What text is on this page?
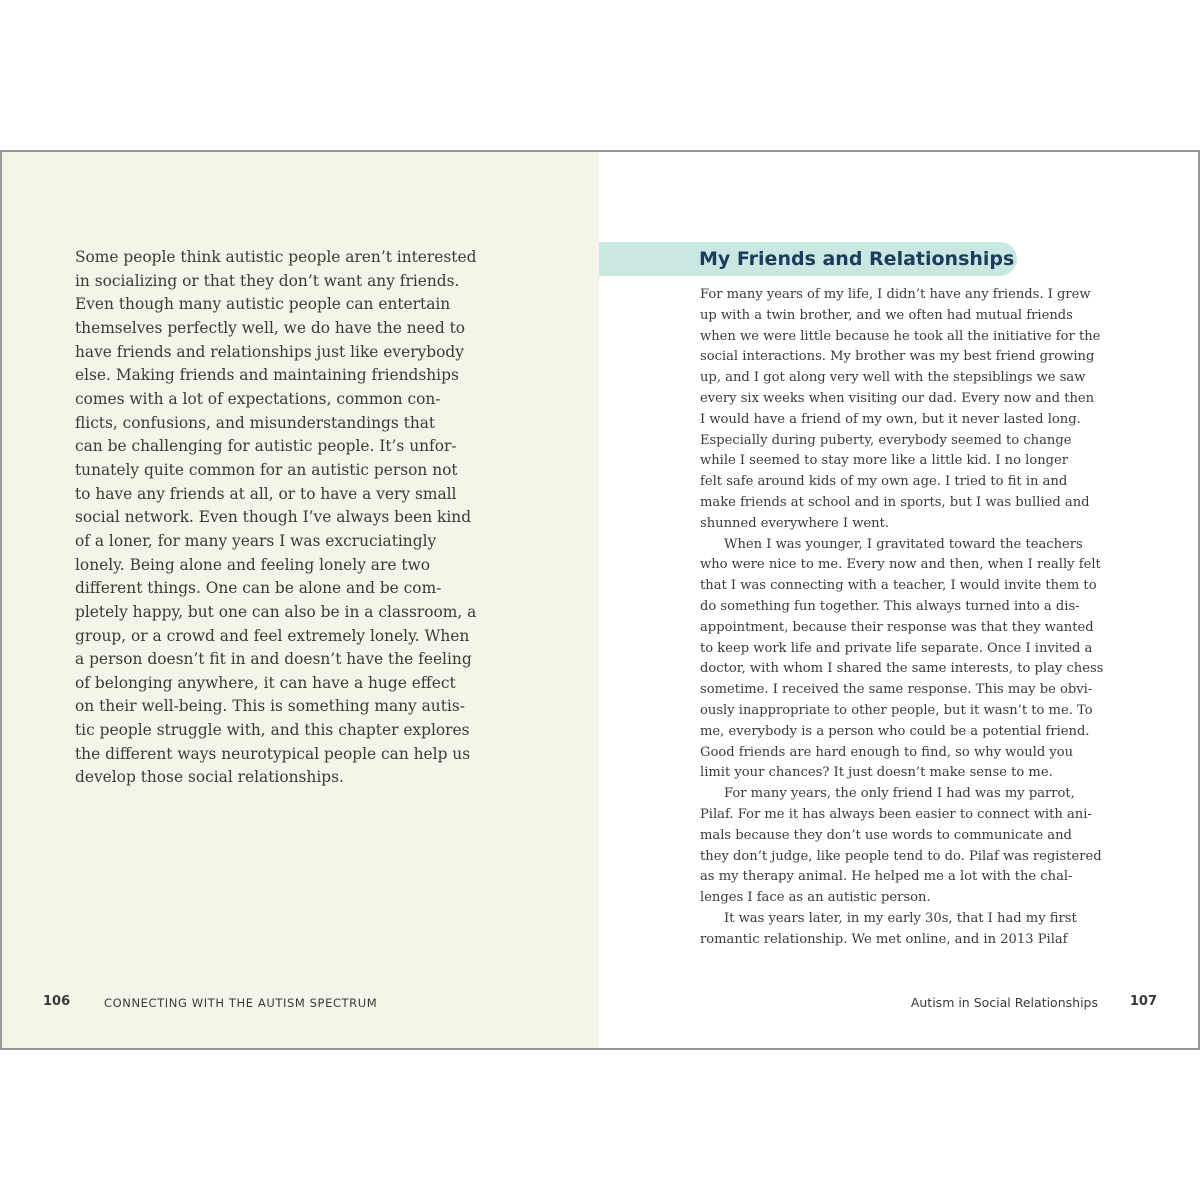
Some people think autistic people aren’t interested
in socializing or that they don’t want any friends.
Even though many autistic people can entertain
themselves perfectly well, we do have the need to
have friends and relationships just like everybody
else. Making friends and maintaining friendships
comes with a lot of expectations, common con-
flicts, confusions, and misunderstandings that
can be challenging for autistic people. It’s unfor-
tunately quite common for an autistic person not
to have any friends at all, or to have a very small
social network. Even though I’ve always been kind
of a loner, for many years I was excruciatingly
lonely. Being alone and feeling lonely are two
different things. One can be alone and be com-
pletely happy, but one can also be in a classroom, a
group, or a crowd and feel extremely lonely. When
a person doesn’t fit in and doesn’t have the feeling
of belonging anywhere, it can have a huge effect
on their well-being. This is something many autis-
tic people struggle with, and this chapter explores
the different ways neurotypical people can help us
develop those social relationships.

106	CONNECTING WITH THE AUTISM SPECTRUM
My Friends and Relationships

For many years of my life, I didn’t have any friends. I grew
up with a twin brother, and we often had mutual friends
when we were little because he took all the initiative for the
social interactions. My brother was my best friend growing
up, and I got along very well with the stepsiblings we saw
every six weeks when visiting our dad. Every now and then
I would have a friend of my own, but it never lasted long.
Especially during puberty, everybody seemed to change
while I seemed to stay more like a little kid. I no longer
felt safe around kids of my own age. I tried to fit in and
make friends at school and in sports, but I was bullied and
shunned everywhere I went.

When I was younger, I gravitated toward the teachers
who were nice to me. Every now and then, when I really felt
that I was connecting with a teacher, I would invite them to
do something fun together. This always turned into a dis-
appointment, because their response was that they wanted
to keep work life and private life separate. Once I invited a
doctor, with whom I shared the same interests, to play chess
sometime. I received the same response. This may be obvi-
ously inappropriate to other people, but it wasn’t to me. To
me, everybody is a person who could be a potential friend.
Good friends are hard enough to find, so why would you
limit your chances? It just doesn’t make sense to me.

For many years, the only friend I had was my parrot,
Pilaf. For me it has always been easier to connect with ani-
mals because they don’t use words to communicate and
they don’t judge, like people tend to do. Pilaf was registered
as my therapy animal. He helped me a lot with the chal-
lenges I face as an autistic person.

It was years later, in my early 30s, that I had my first
romantic relationship. We met online, and in 2013 Pilaf

Autism in Social Relationships 107
